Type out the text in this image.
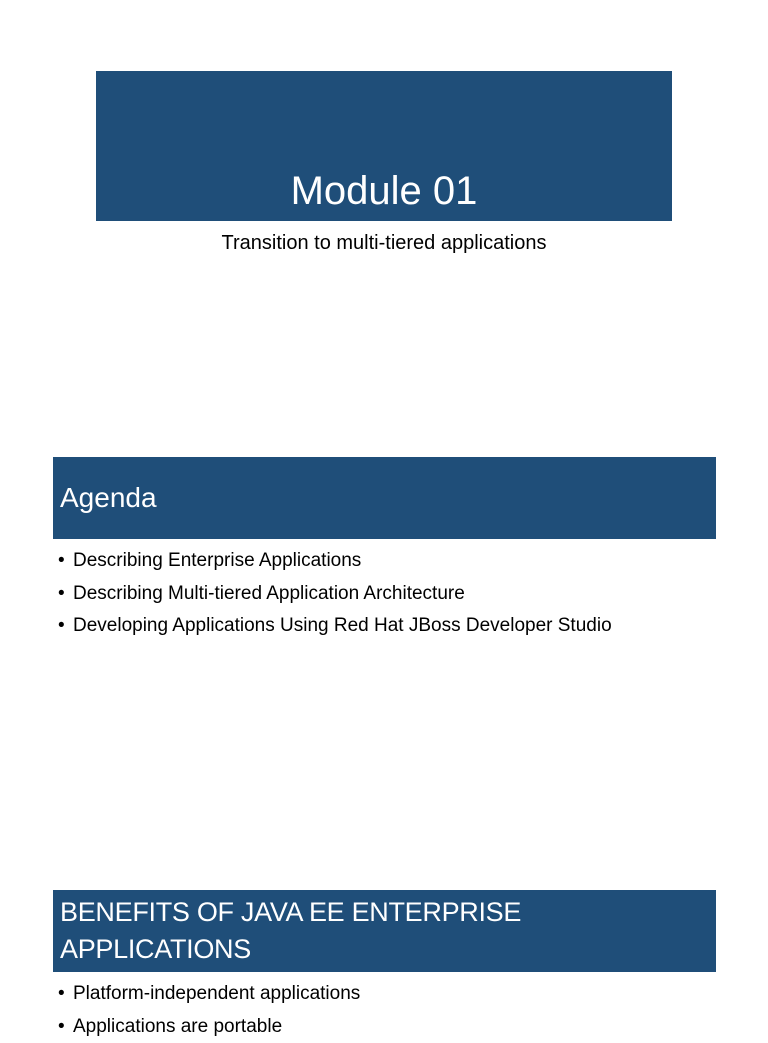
Module 01
Transition to multi-tiered applications
Agenda
• Describing Enterprise Applications
• Describing Multi-tiered Application Architecture
• Developing Applications Using Red Hat JBoss Developer Studio
BENEFITS OF JAVA EE ENTERPRISE
APPLICATIONS
• Platform-independent applications
• Applications are portable
